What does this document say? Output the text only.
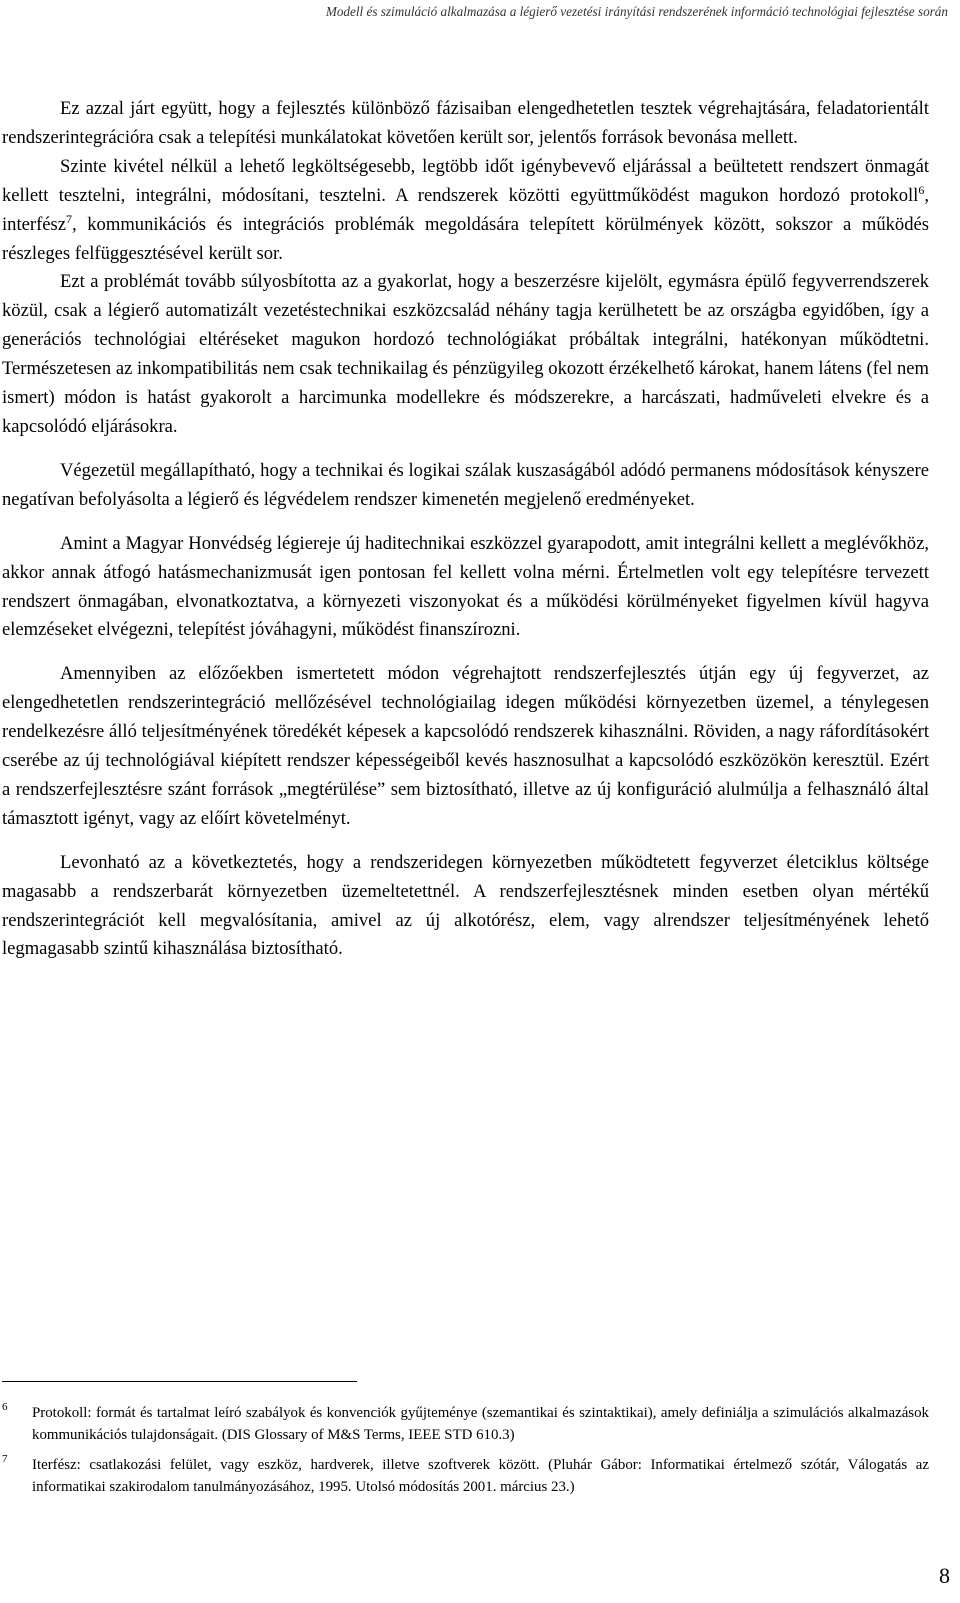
Modell és szimuláció alkalmazása a légierő vezetési irányítási rendszerének információ technológiai fejlesztése során

Ez azzal járt együtt, hogy a fejlesztés különböző fázisaiban elengedhetetlen tesztek végrehajtására, feladatorientált rendszerintegrációra csak a telepítési munkálatokat követően került sor, jelentős források bevonása mellett.

Szinte kivétel nélkül a lehető legköltségesebb, legtöbb időt igénybevevő eljárással a beültetett rendszert önmagát kellett tesztelni, integrálni, módosítani, tesztelni. A rendszerek közötti együttműködést magukon hordozó protokoll$^6$, interfész$^7$, kommunikációs és integrációs problémák megoldására telepített körülmények között, sokszor a működés részleges felfüggesztésével került sor.

Ezt a problémát tovább súlyosbította az a gyakorlat, hogy a beszerzésre kijelölt, egymásra épülő fegyverrendszerek közül, csak a légierő automatizált vezetéstechnikai eszközcsalád néhány tagja kerülhetett be az országba egyidőben, így a generációs technológiai eltéréseket magukon hordozó technológiákat próbáltak integrálni, hatékonyan működtetni. Természetesen az inkompatibilitás nem csak technikailag és pénzügyileg okozott érzékelhető károkat, hanem látens (fel nem ismert) módon is hatást gyakorolt a harcimunka modellekre és módszerekre, a harcászati, hadműveleti elvekre és a kapcsolódó eljárásokra.

Végezetül megállapítható, hogy a technikai és logikai szálak kuszaságából adódó permanens módosítások kényszere negatívan befolyásolta a légierő és légvédelem rendszer kimenetén megjelenő eredményeket.

Amint a Magyar Honvédség légiereje új haditechnikai eszközzel gyarapodott, amit integrálni kellett a meglévőkhöz, akkor annak átfogó hatásmechanizmusát igen pontosan fel kellett volna mérni. Értelmetlen volt egy telepítésre tervezett rendszert önmagában, elvonatkoztatva, a környezeti viszonyokat és a működési körülményeket figyelmen kívül hagyva elemzéseket elvégezni, telepítést jóváhagyni, működést finanszírozni.

Amennyiben az előzőekben ismertetett módon végrehajtott rendszerfejlesztés útján egy új fegyverzet, az elengedhetetlen rendszerintegráció mellőzésével technológiailag idegen működési környezetben üzemel, a ténylegesen rendelkezésre álló teljesítményének töredékét képesek a kapcsolódó rendszerek kihasználni. Röviden, a nagy ráfordításokért cserébe az új technológiával kiépített rendszer képességeiből kevés hasznosulhat a kapcsolódó eszközökön keresztül. Ezért a rendszerfejlesztésre szánt források „megtérülése” sem biztosítható, illetve az új konfiguráció alulmúlja a felhasználó által támasztott igényt, vagy az előírt követelményt.

Levonható az a következtetés, hogy a rendszeridegen környezetben működtetett fegyverzet életciklus költsége magasabb a rendszerbarát környezetben üzemeltetettnél. A rendszerfejlesztésnek minden esetben olyan mértékű rendszerintegrációt kell megvalósítania, amivel az új alkotórész, elem, vagy alrendszer teljesítményének lehető legmagasabb szintű kihasználása biztosítható.

6 Protokoll: formát és tartalmat leíró szabályok és konvenciók gyűjteménye (szemantikai és szintaktikai), amely definiálja a szimulációs alkalmazások kommunikációs tulajdonságait. (DIS Glossary of M&S Terms, IEEE STD 610.3)
7 Iterfész: csatlakozási felület, vagy eszköz, hardverek, illetve szoftverek között. (Pluhár Gábor: Informatikai értelmező szótár, Válogatás az informatikai szakirodalom tanulmányozásához, 1995. Utolsó módosítás 2001. március 23.)
8
